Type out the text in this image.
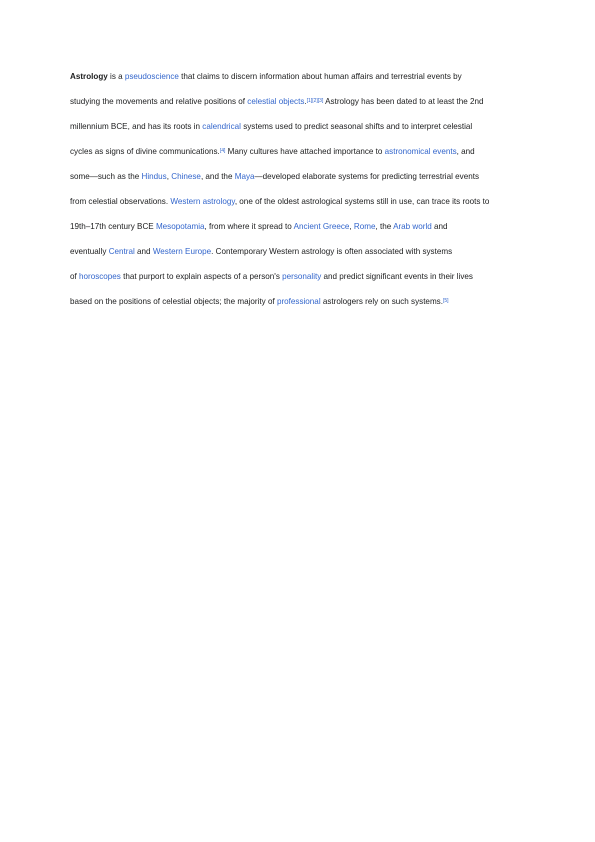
Astrology is a pseudoscience that claims to discern information about human affairs and terrestrial events by
studying the movements and relative positions of celestial objects.[1][2][3] Astrology has been dated to at least the 2nd
millennium BCE, and has its roots in calendrical systems used to predict seasonal shifts and to interpret celestial
cycles as signs of divine communications.[4] Many cultures have attached importance to astronomical events, and
some—such as the Hindus, Chinese, and the Maya—developed elaborate systems for predicting terrestrial events
from celestial observations. Western astrology, one of the oldest astrological systems still in use, can trace its roots to
19th–17th century BCE Mesopotamia, from where it spread to Ancient Greece, Rome, the Arab world and
eventually Central and Western Europe. Contemporary Western astrology is often associated with systems
of horoscopes that purport to explain aspects of a person's personality and predict significant events in their lives
based on the positions of celestial objects; the majority of professional astrologers rely on such systems.[5]
